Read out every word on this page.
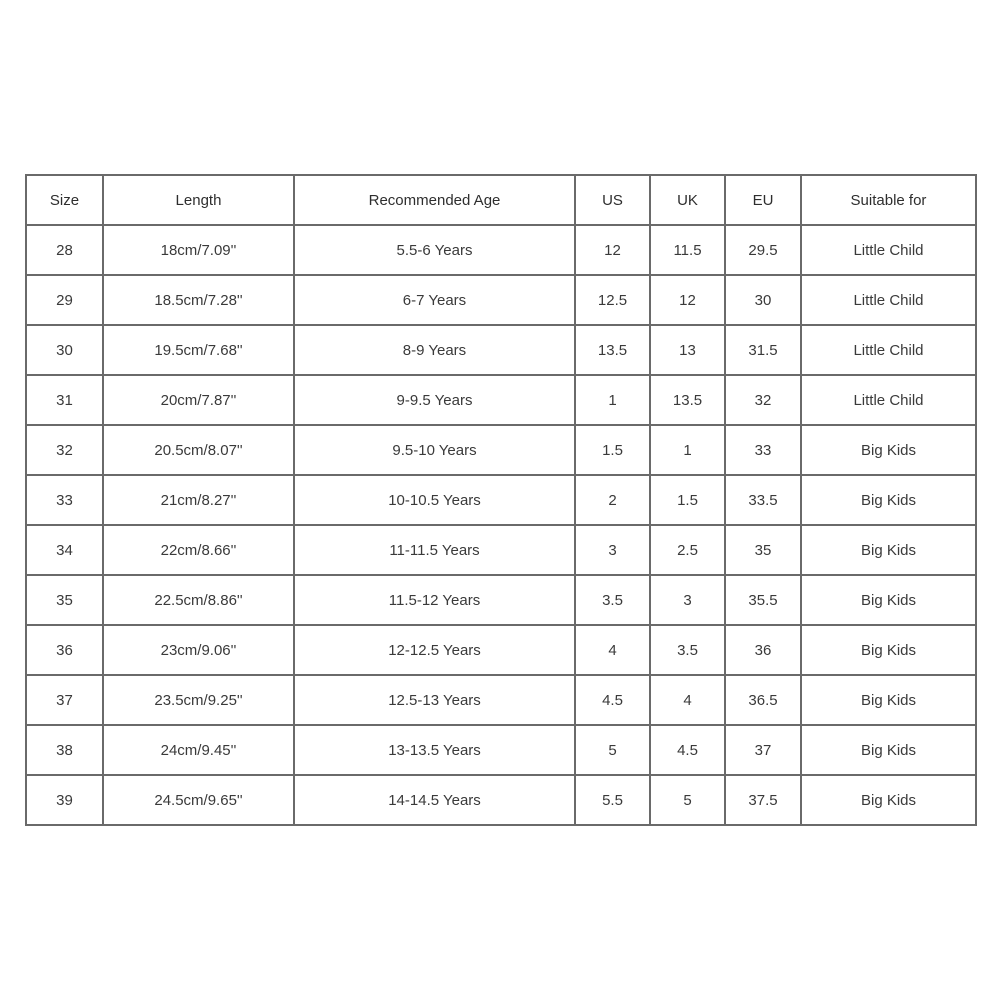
Size	Length	Recommended Age	US	UK	EU	Suitable for
28	18cm/7.09''	5.5-6 Years	12	11.5	29.5	Little Child
29	18.5cm/7.28''	6-7 Years	12.5	12	30	Little Child
30	19.5cm/7.68''	8-9 Years	13.5	13	31.5	Little Child
31	20cm/7.87''	9-9.5 Years	1	13.5	32	Little Child
32	20.5cm/8.07''	9.5-10 Years	1.5	1	33	Big Kids
33	21cm/8.27''	10-10.5 Years	2	1.5	33.5	Big Kids
34	22cm/8.66''	11-11.5 Years	3	2.5	35	Big Kids
35	22.5cm/8.86''	11.5-12 Years	3.5	3	35.5	Big Kids
36	23cm/9.06''	12-12.5 Years	4	3.5	36	Big Kids
37	23.5cm/9.25''	12.5-13 Years	4.5	4	36.5	Big Kids
38	24cm/9.45''	13-13.5 Years	5	4.5	37	Big Kids
39	24.5cm/9.65''	14-14.5 Years	5.5	5	37.5	Big Kids
